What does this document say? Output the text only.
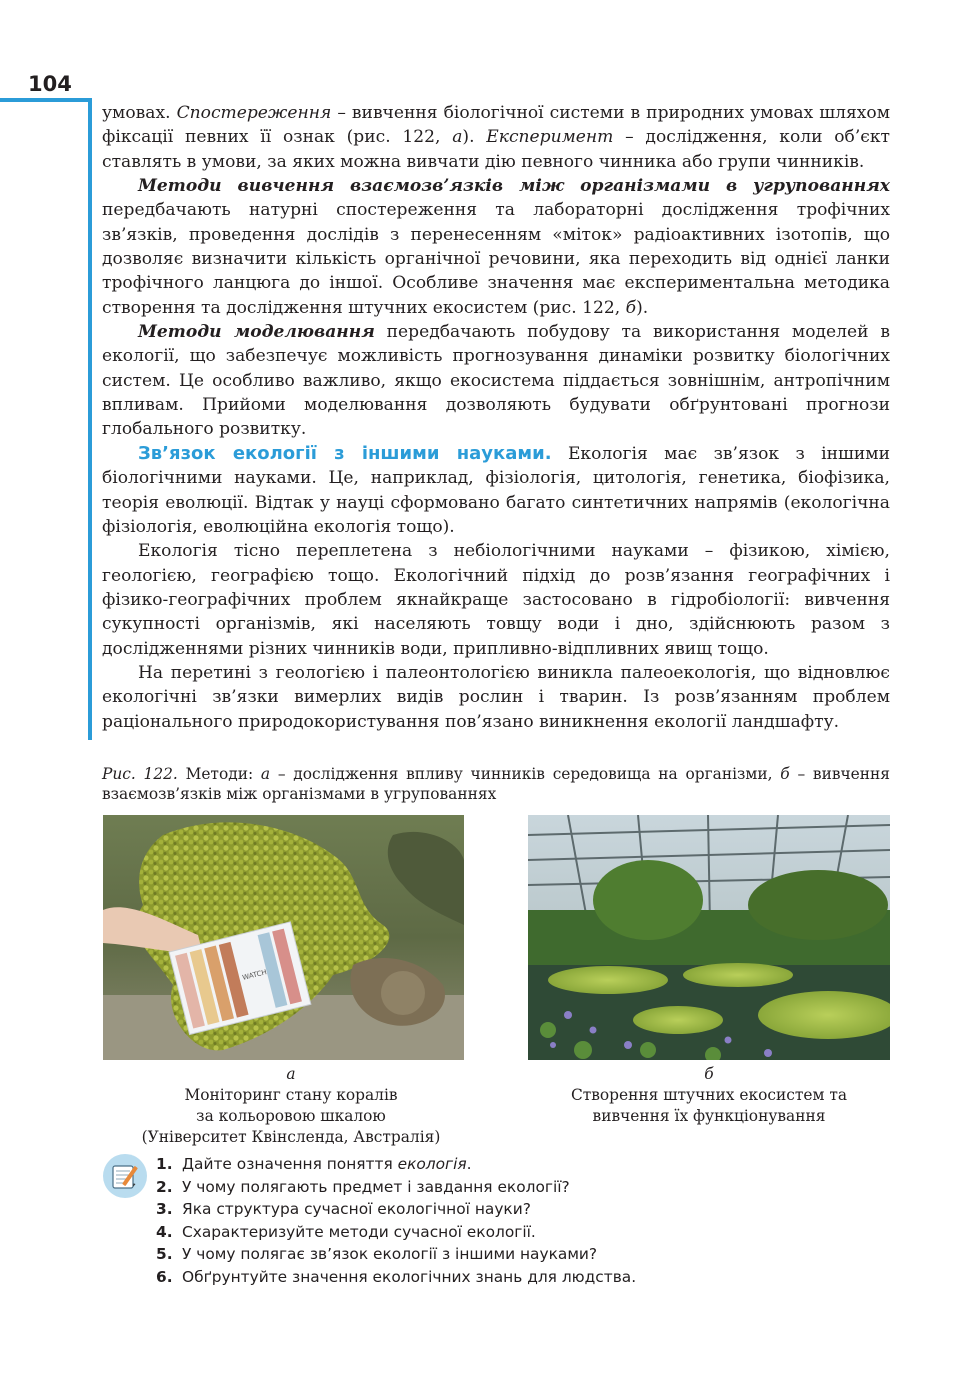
104

умовах. Спостереження – вивчення біологічної системи в природних умовах шляхом фіксації певних її ознак (рис. 122, а). Експеримент – дослідження, коли об’єкт ставлять в умови, за яких можна вивчати дію певного чинника або групи чинників.

Методи вивчення взаємозв’язків між організмами в угрупованнях передбачають натурні спостереження та лабораторні дослідження трофічних зв’язків, проведення дослідів з перенесенням «міток» радіоактивних ізотопів, що дозволяє визначити кількість органічної речовини, яка переходить від однієї ланки трофічного ланцюга до іншої. Особливе значення має експериментальна методика створення та дослідження штучних екосистем (рис. 122, б).

Методи моделювання передбачають побудову та використання моделей в екології, що забезпечує можливість прогнозування динаміки розвитку біологічних систем. Це особливо важливо, якщо екосистема піддається зовнішнім, антропічним впливам. Прийоми моделювання дозволяють будувати обґрунтовані прогнози глобального розвитку.

Зв’язок екології з іншими науками. Екологія має зв’язок з іншими біологічними науками. Це, наприклад, фізіологія, цитологія, генетика, біофізика, теорія еволюції. Відтак у науці сформовано багато синтетичних напрямів (екологічна фізіологія, еволюційна екологія тощо).

Екологія тісно переплетена з небіологічними науками – фізикою, хімією, геологією, географією тощо. Екологічний підхід до розв’язання географічних і фізико-географічних проблем якнайкраще застосовано в гідробіології: вивчення сукупності організмів, які населяють товщу води і дно, здійснюють разом з дослідженнями різних чинників води, припливно-відпливних явищ тощо.

На перетині з геологією і палеонтологією виникла палеоекологія, що відновлює екологічні зв’язки вимерлих видів рослин і тварин. Із розв’язанням проблем раціонального природокористування пов’язано виникнення екології ландшафту.

Рис. 122. Методи: а – дослідження впливу чинників середовища на організми, б – вивчення взаємозв’язків між організмами в угрупованнях
WATCH
а
Моніторинг стану коралів
за кольоровою шкалою
(Університет Квінсленда, Австралія)
б
Створення штучних екосистем та
вивчення їх функціонування
1. Дайте означення поняття екологія.
2. У чому полягають предмет і завдання екології?
3. Яка структура сучасної екологічної науки?
4. Схарактеризуйте методи сучасної екології.
5. У чому полягає зв’язок екології з іншими науками?
6. Обґрунтуйте значення екологічних знань для людства.
